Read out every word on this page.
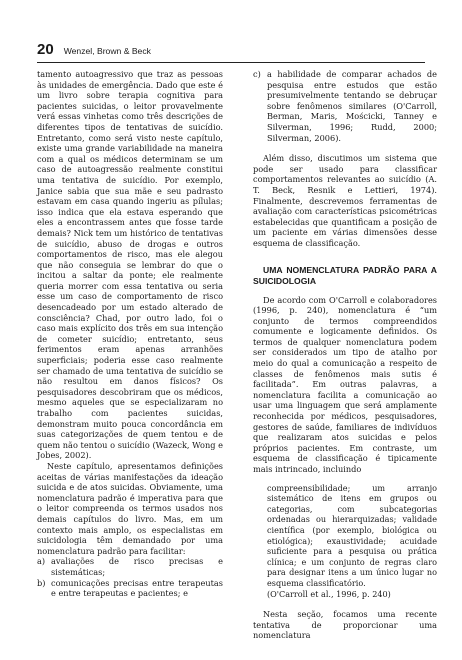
20 Wenzel, Brown & Beck

tamento autoagressivo que traz as pessoas às unidades de emergência. Dado que este é um livro sobre terapia cognitiva para pacientes suicidas, o leitor provavelmente verá essas vinhetas como três descrições de diferentes tipos de tentativas de suicídio. Entretanto, como será visto neste capítulo, existe uma grande variabilidade na maneira com a qual os médicos determinam se um caso de autoagressão realmente constitui uma tentativa de suicídio. Por exemplo, Janice sabia que sua mãe e seu padrasto estavam em casa quando ingeriu as pílulas; isso indica que ela estava esperando que eles a encontrassem antes que fosse tarde demais? Nick tem um histórico de tentativas de suicídio, abuso de drogas e outros comportamentos de risco, mas ele alegou que não conseguia se lembrar do que o incitou a saltar da ponte; ele realmente queria morrer com essa tentativa ou seria esse um caso de comportamento de risco desencadeado por um estado alterado de consciência? Chad, por outro lado, foi o caso mais explícito dos três em sua intenção de cometer suicídio; entretanto, seus ferimentos eram apenas arranhões superficiais; poderia esse caso realmente ser chamado de uma tentativa de suicídio se não resultou em danos físicos? Os pesquisadores descobriram que os médicos, mesmo aqueles que se especializaram no trabalho com pacientes suicidas, demonstram muito pouca concordância em suas categorizações de quem tentou e de quem não tentou o suicídio (Wazeck, Wong e Jobes, 2002).

Neste capítulo, apresentamos definições aceitas de várias manifestações da ideação suicida e de atos suicidas. Obviamente, uma nomenclatura padrão é imperativa para que o leitor compreenda os termos usados nos demais capítulos do livro. Mas, em um contexto mais amplo, os especialistas em suicidologia têm demandado por uma nomenclatura padrão para facilitar:

a) avaliações de risco precisas e sistemáticas;
b) comunicações precisas entre terapeutas e entre terapeutas e pacientes; e
c) a habilidade de comparar achados de pesquisa entre estudos que estão presumivelmente tentando se debruçar sobre fenômenos similares (O'Carroll, Berman, Maris, Mościcki, Tanney e Silverman, 1996; Rudd, 2000; Silverman, 2006).

Além disso, discutimos um sistema que pode ser usado para classificar comportamentos relevantes ao suicídio (A. T. Beck, Resnik e Lettieri, 1974). Finalmente, descrevemos ferramentas de avaliação com características psicométricas estabelecidas que quantificam a posição de um paciente em várias dimensões desse esquema de classificação.

UMA NOMENCLATURA PADRÃO PARA A SUICIDOLOGIA

De acordo com O'Carroll e colaboradores (1996, p. 240), nomenclatura é “um conjunto de termos compreendidos comumente e logicamente definidos. Os termos de qualquer nomenclatura podem ser considerados um tipo de atalho por meio do qual a comunicação a respeito de classes de fenômenos mais sutis é facilitada”. Em outras palavras, a nomenclatura facilita a comunicação ao usar uma linguagem que será amplamente reconhecida por médicos, pesquisadores, gestores de saúde, familiares de indivíduos que realizaram atos suicidas e pelos próprios pacientes. Em contraste, um esquema de classificação é tipicamente mais intrincado, incluindo

compreensibilidade; um arranjo sistemático de itens em grupos ou categorias, com subcategorias ordenadas ou hierarquizadas; validade científica (por exemplo, biológica ou etiológica); exaustividade; acuidade suficiente para a pesquisa ou prática clínica; e um conjunto de regras claro para designar itens a um único lugar no esquema classificatório.

(O'Carroll et al., 1996, p. 240)

Nesta seção, focamos uma recente tentativa de proporcionar uma nomenclatura
